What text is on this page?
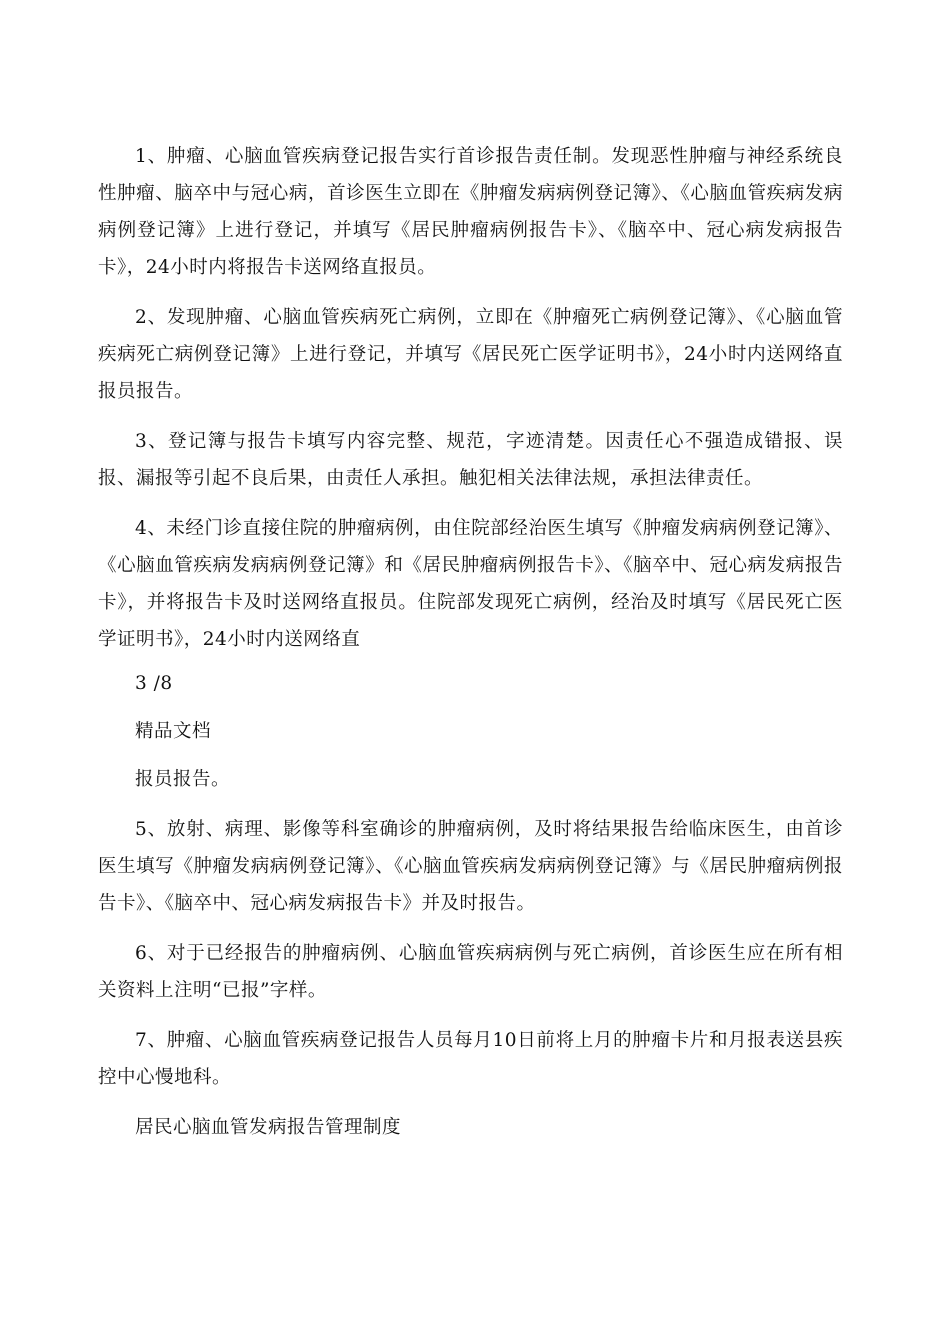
1、肿瘤、心脑血管疾病登记报告实行首诊报告责任制。发现恶性肿瘤与神经系统良性肿瘤、脑卒中与冠心病，首诊医生立即在《肿瘤发病病例登记簿》、《心脑血管疾病发病病例登记簿》上进行登记，并填写《居民肿瘤病例报告卡》、《脑卒中、冠心病发病报告卡》，24小时内将报告卡送网络直报员。

2、发现肿瘤、心脑血管疾病死亡病例，立即在《肿瘤死亡病例登记簿》、《心脑血管疾病死亡病例登记簿》上进行登记，并填写《居民死亡医学证明书》，24小时内送网络直报员报告。

3、登记簿与报告卡填写内容完整、规范，字迹清楚。因责任心不强造成错报、误报、漏报等引起不良后果，由责任人承担。触犯相关法律法规，承担法律责任。

4、未经门诊直接住院的肿瘤病例，由住院部经治医生填写《肿瘤发病病例登记簿》、《心脑血管疾病发病病例登记簿》和《居民肿瘤病例报告卡》、《脑卒中、冠心病发病报告卡》，并将报告卡及时送网络直报员。住院部发现死亡病例，经治及时填写《居民死亡医学证明书》，24小时内送网络直

3 /8

精品文档

报员报告。

5、放射、病理、影像等科室确诊的肿瘤病例，及时将结果报告给临床医生，由首诊医生填写《肿瘤发病病例登记簿》、《心脑血管疾病发病病例登记簿》与《居民肿瘤病例报告卡》、《脑卒中、冠心病发病报告卡》并及时报告。

6、对于已经报告的肿瘤病例、心脑血管疾病病例与死亡病例，首诊医生应在所有相关资料上注明“已报”字样。

7、肿瘤、心脑血管疾病登记报告人员每月10日前将上月的肿瘤卡片和月报表送县疾控中心慢地科。

居民心脑血管发病报告管理制度
